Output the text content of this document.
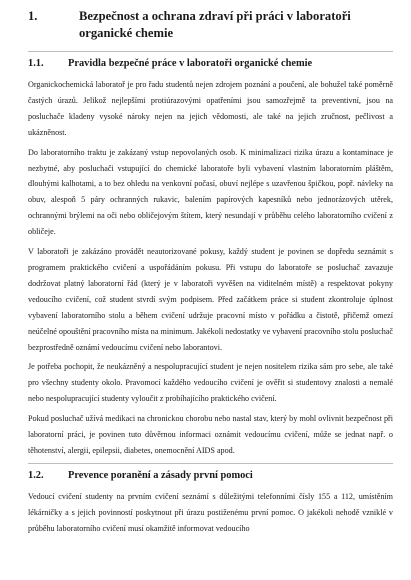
1.	Bezpečnost a ochrana zdraví při práci v laboratoři organické chemie
1.1.	Pravidla bezpečné práce v laboratoři organické chemie

Organickochemická laboratoř je pro řadu studentů nejen zdrojem poznání a poučení, ale bohužel také poměrně častých úrazů. Jelikož nejlepšími protiúrazovými opatřeními jsou samozřejmě ta preventivní, jsou na posluchače kladeny vysoké nároky nejen na jejich vědomosti, ale také na jejich zručnost, pečlivost a ukázněnost.

Do laboratorního traktu je zakázaný vstup nepovolaných osob. K minimalizaci rizika úrazu a kontaminace je nezbytné, aby posluchači vstupující do chemické laboratoře byli vybavení vlastním laboratorním pláštěm, dlouhými kalhotami, a to bez ohledu na venkovní počasí, obuví nejlépe s uzavřenou špičkou, popř. návleky na obuv, alespoň 5 páry ochranných rukavic, balením papírových kapesníků nebo jednorázových utěrek, ochrannými brýlemi na oči nebo obličejovým štítem, který nesundají v průběhu celého laboratorního cvičení z obličeje.

V laboratoři je zakázáno provádět neautorizované pokusy, každý student je povinen se dopředu seznámit s programem praktického cvičení a uspořádáním pokusu. Při vstupu do laboratoře se posluchač zavazuje dodržovat platný laboratorní řád (který je v laboratoři vyvěšen na viditelném místě) a respektovat pokyny vedoucího cvičení, což student stvrdí svým podpisem. Před začátkem práce si student zkontroluje úplnost vybavení laboratorního stolu a během cvičení udržuje pracovní místo v pořádku a čistotě, přičemž omezí neúčelné opouštění pracovního místa na minimum. Jakékoli nedostatky ve vybavení pracovního stolu posluchač bezprostředně oznámí vedoucímu cvičení nebo laborantovi.

Je potřeba pochopit, že neukázněný a nespolupracující student je nejen nositelem rizika sám pro sebe, ale také pro všechny studenty okolo. Pravomocí každého vedoucího cvičení je ověřit si studentovy znalosti a nemalé nebo nespolupracující studenty vyloučit z probíhajícího praktického cvičení.

Pokud posluchač užívá medikaci na chronickou chorobu nebo nastal stav, který by mohl ovlivnit bezpečnost při laboratorní práci, je povinen tuto důvěrnou informaci oznámit vedoucímu cvičení, může se jednat např. o těhotenství, alergii, epilepsii, diabetes, onemocnění AIDS apod.

1.2.	Prevence poranění a zásady první pomoci

Vedoucí cvičení studenty na prvním cvičení seznámí s důležitými telefonními čísly 155 a 112, umístěním lékárničky a s jejich povinností poskytnout při úrazu postiženému první pomoc. O jakékoli nehodě vzniklé v průběhu laboratorního cvičení musí okamžitě informovat vedoucího
